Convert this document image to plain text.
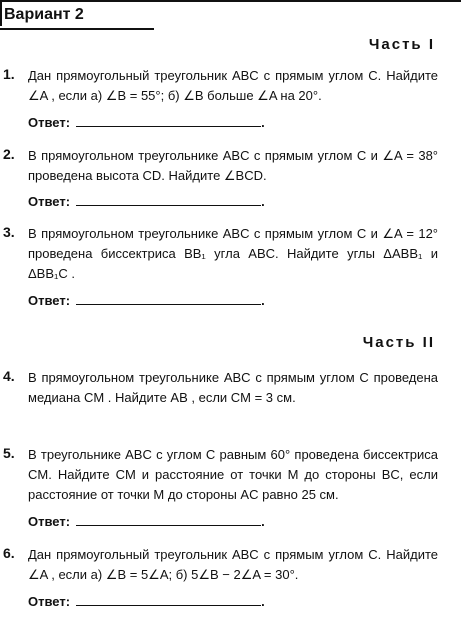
Вариант 2
Часть I
1. Дан прямоугольный треугольник ABC с прямым углом C. Найдите ∠A , если а) ∠B = 55°; б) ∠B больше ∠A на 20°.
Ответ:	.
2. В прямоугольном треугольнике ABC с прямым углом C и ∠A = 38° проведена высота CD. Найдите ∠BCD.
Ответ:	.
3. В прямоугольном треугольнике ABC с прямым углом C и ∠A = 12° проведена биссектриса BB₁ угла ABC. Найдите углы ΔABB₁ и ΔBB₁C .
Ответ:	.
Часть II
4. В прямоугольном треугольнике ABC с прямым углом C проведена медиана CM . Найдите AB , если CM = 3 см.
5. В треугольнике ABC с углом C равным 60° проведена биссектриса CM. Найдите CM и расстояние от точки M до стороны BC, если расстояние от точки M до стороны AC равно 25 см.
Ответ:	.
6. Дан прямоугольный треугольник ABC с прямым углом C. Найдите ∠A , если а) ∠B = 5∠A; б) 5∠B − 2∠A = 30°.
Ответ:	.
